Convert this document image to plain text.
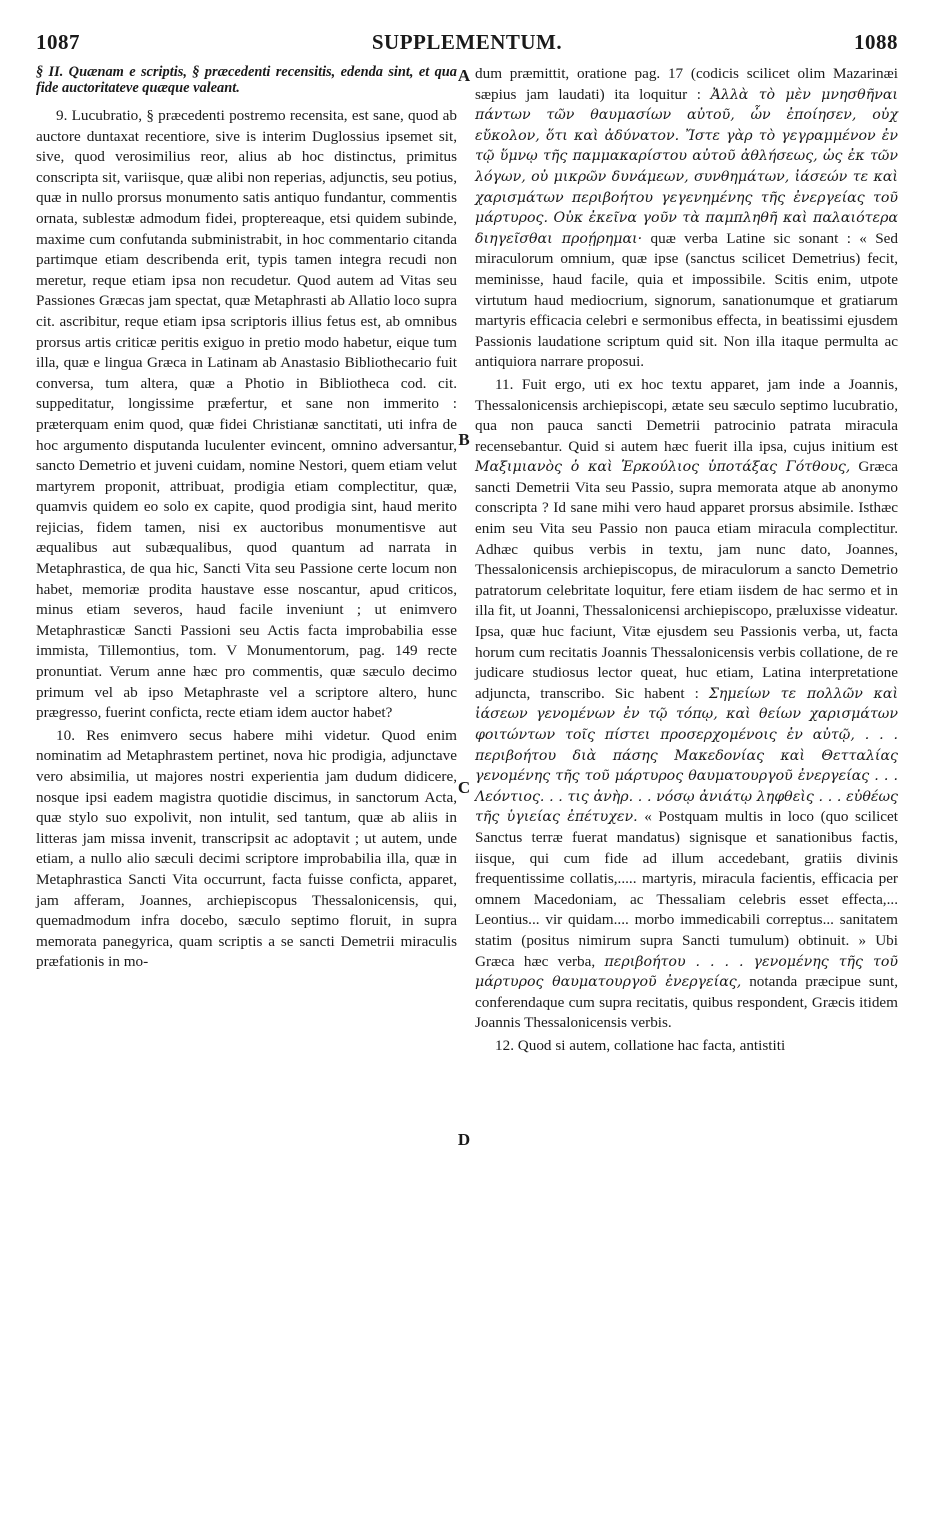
1087	SUPPLEMENTUM.	1088

§ II. Quænam e scriptis, § præcedenti recensitis, edenda sint, et qua fide auctoritateve quæque valeant.

9. Lucubratio, § præcedenti postremo recensita, est sane, quod ab auctore duntaxat recentiore, sive is interim Duglossius ipsemet sit, sive, quod verosimilius reor, alius ab hoc distinctus, primitus conscripta sit, variisque, quæ alibi non reperias, adjunctis, seu potius, quæ in nullo prorsus monumento satis antiquo fundantur, commentis ornata, sublestæ admodum fidei, proptereaque, etsi quidem subinde, maxime cum confutanda subministrabit, in hoc commentario citanda partimque etiam describenda erit, typis tamen integra recudi non meretur, reque etiam ipsa non recudetur. Quod autem ad Vitas seu Passiones Græcas jam spectat, quæ Metaphrasti ab Allatio loco supra cit. ascribitur, reque etiam ipsa scriptoris illius fetus est, ab omnibus prorsus artis criticæ peritis exiguo in pretio modo habetur, eique tum illa, quæ e lingua Græca in Latinam ab Anastasio Bibliothecario fuit conversa, tum altera, quæ a Photio in Bibliotheca cod. cit. suppeditatur, longissime præfertur, et sane non immerito : præterquam enim quod, quæ fidei Christianæ sanctitati, uti infra de hoc argumento disputanda luculenter evincent, omnino adversantur, sancto Demetrio et juveni cuidam, nomine Nestori, quem etiam velut martyrem proponit, attribuat, prodigia etiam complectitur, quæ, quamvis quidem eo solo ex capite, quod prodigia sint, haud merito rejicias, fidem tamen, nisi ex auctoribus monumentisve aut æqualibus aut subæqualibus, quod quantum ad narrata in Metaphrastica, de qua hic, Sancti Vita seu Passione certe locum non habet, memoriæ prodita haustave esse noscantur, apud criticos, minus etiam severos, haud facile inveniunt ; ut enimvero Metaphrasticæ Sancti Passioni seu Actis facta improbabilia esse immista, Tillemontius, tom. V Monumentorum, pag. 149 recte pronuntiat. Verum anne hæc pro commentis, quæ sæculo decimo primum vel ab ipso Metaphraste vel a scriptore altero, hunc prægresso, fuerint conficta, recte etiam idem auctor habet?

10. Res enimvero secus habere mihi videtur. Quod enim nominatim ad Metaphrastem pertinet, nova hic prodigia, adjunctave vero absimilia, ut majores nostri experientia jam dudum didicere, nosque ipsi eadem magistra quotidie discimus, in sanctorum Acta, quæ stylo suo expolivit, non intulit, sed tantum, quæ ab aliis in litteras jam missa invenit, transcripsit ac adoptavit ; ut autem, unde etiam, a nullo alio sæculi decimi scriptore improbabilia illa, quæ in Metaphrastica Sancti Vita occurrunt, facta fuisse conficta, apparet, jam afferam, Joannes, archiepiscopus Thessalonicensis, qui, quemadmodum infra docebo, sæculo septimo floruit, in supra memorata panegyrica, quam scriptis a se sancti Demetrii miraculis præfationis in mo-

A
B
C
D

dum præmittit, oratione pag. 17 (codicis scilicet olim Mazarinæi sæpius jam laudati) ita loquitur : Ἀλλὰ τὸ μὲν μνησθῆναι πάντων τῶν θαυμασίων αὐτοῦ, ὧν ἐποίησεν, οὐχ εὔκολον, ὅτι καὶ ἀδύνατον. Ἴστε γὰρ τὸ γεγραμμένον ἐν τῷ ὕμνῳ τῆς παμμακαρίστου αὐτοῦ ἀθλήσεως, ὡς ἐκ τῶν λόγων, οὐ μικρῶν δυνάμεων, συνθημάτων, ἰάσεών τε καὶ χαρισμάτων περιβοήτου γεγενημένης τῆς ἐνεργείας τοῦ μάρτυρος. Οὐκ ἐκεῖνα γοῦν τὰ παμπληθῆ καὶ παλαιότερα διηγεῖσθαι προῄρημαι· quæ verba Latine sic sonant : « Sed miraculorum omnium, quæ ipse (sanctus scilicet Demetrius) fecit, meminisse, haud facile, quia et impossibile. Scitis enim, utpote virtutum haud mediocrium, signorum, sanationumque et gratiarum martyris efficacia celebri e sermonibus effecta, in beatissimi ejusdem Passionis laudatione scriptum quid sit. Non illa itaque permulta ac antiquiora narrare proposui.

11. Fuit ergo, uti ex hoc textu apparet, jam inde a Joannis, Thessalonicensis archiepiscopi, ætate seu sæculo septimo lucubratio, qua non pauca sancti Demetrii patrocinio patrata miracula recensebantur. Quid si autem hæc fuerit illa ipsa, cujus initium est Μαξιμιανὸς ὁ καὶ Ἑρκούλιος ὑποτάξας Γότθους, Græca sancti Demetrii Vita seu Passio, supra memorata atque ab anonymo conscripta ? Id sane mihi vero haud apparet prorsus absimile. Isthæc enim seu Vita seu Passio non pauca etiam miracula complectitur. Adhæc quibus verbis in textu, jam nunc dato, Joannes, Thessalonicensis archiepiscopus, de miraculorum a sancto Demetrio patratorum celebritate loquitur, fere etiam iisdem de hac sermo et in illa fit, ut Joanni, Thessalonicensi archiepiscopo, præluxisse videatur. Ipsa, quæ huc faciunt, Vitæ ejusdem seu Passionis verba, ut, facta horum cum recitatis Joannis Thessalonicensis verbis collatione, de re judicare studiosus lector queat, huc etiam, Latina interpretatione adjuncta, transcribo. Sic habent : Σημείων τε πολλῶν καὶ ἰάσεων γενομένων ἐν τῷ τόπῳ, καὶ θείων χαρισμάτων φοιτώντων τοῖς πίστει προσερχομένοις ἐν αὐτῷ, . . . περιβοήτου διὰ πάσης Μακεδονίας καὶ Θετταλίας γενομένης τῆς τοῦ μάρτυρος θαυματουργοῦ ἐνεργείας . . . Λεόντιος. . . τις ἀνὴρ. . . νόσῳ ἀνιάτῳ ληφθεὶς . . . εὐθέως τῆς ὑγιείας ἐπέτυχεν. « Postquam multis in loco (quo scilicet Sanctus terræ fuerat mandatus) signisque et sanationibus factis, iisque, qui cum fide ad illum accedebant, gratiis divinis frequentissime collatis,..... martyris, miracula facientis, efficacia per omnem Macedoniam, ac Thessaliam celebris esset effecta,... Leontius... vir quidam.... morbo immedicabili correptus... sanitatem statim (positus nimirum supra Sancti tumulum) obtinuit. » Ubi Græca hæc verba, περιβοήτου . . . . γενομένης τῆς τοῦ μάρτυρος θαυματουργοῦ ἐνεργείας, notanda præcipue sunt, conferendaque cum supra recitatis, quibus respondent, Græcis itidem Joannis Thessalonicensis verbis.

12. Quod si autem, collatione hac facta, antistiti
